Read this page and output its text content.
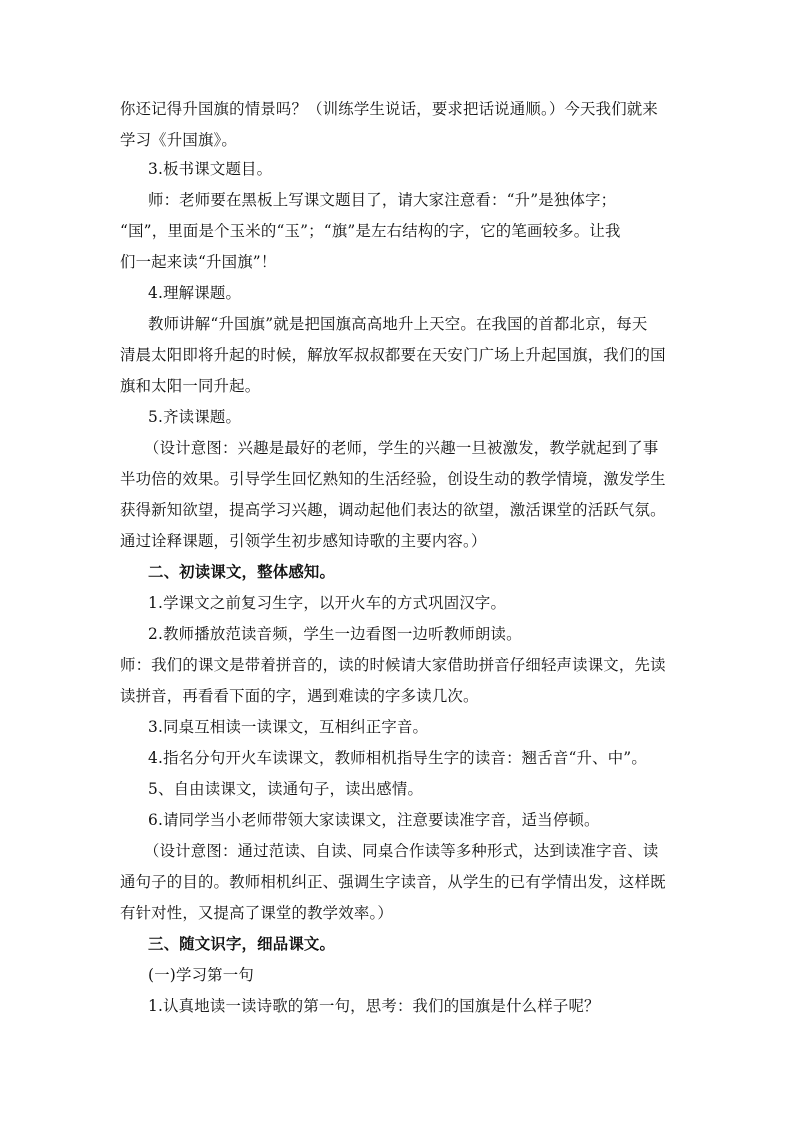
你还记得升国旗的情景吗？（训练学生说话，要求把话说通顺。）今天我们就来
学习《升国旗》。
3.板书课文题目。
师：老师要在黑板上写课文题目了，请大家注意看：“升”是独体字；
“国”，里面是个玉米的“玉”；“旗”是左右结构的字，它的笔画较多。让我
们一起来读“升国旗”！
4.理解课题。
教师讲解“升国旗”就是把国旗高高地升上天空。在我国的首都北京，每天
清晨太阳即将升起的时候，解放军叔叔都要在天安门广场上升起国旗，我们的国
旗和太阳一同升起。
5.齐读课题。
（设计意图：兴趣是最好的老师，学生的兴趣一旦被激发，教学就起到了事
半功倍的效果。引导学生回忆熟知的生活经验，创设生动的教学情境，激发学生
获得新知欲望，提高学习兴趣，调动起他们表达的欲望，激活课堂的活跃气氛。
通过诠释课题，引领学生初步感知诗歌的主要内容。）
二、初读课文，整体感知。
1.学课文之前复习生字，以开火车的方式巩固汉字。
2.教师播放范读音频，学生一边看图一边听教师朗读。
师：我们的课文是带着拼音的，读的时候请大家借助拼音仔细轻声读课文，先读
读拼音，再看看下面的字，遇到难读的字多读几次。
3.同桌互相读一读课文，互相纠正字音。
4.指名分句开火车读课文，教师相机指导生字的读音：翘舌音“升、中”。
5、自由读课文，读通句子，读出感情。
6.请同学当小老师带领大家读课文，注意要读准字音，适当停顿。
（设计意图：通过范读、自读、同桌合作读等多种形式，达到读准字音、读
通句子的目的。教师相机纠正、强调生字读音，从学生的已有学情出发，这样既
有针对性，又提高了课堂的教学效率。）
三、随文识字，细品课文。
(一)学习第一句
1.认真地读一读诗歌的第一句，思考：我们的国旗是什么样子呢？
